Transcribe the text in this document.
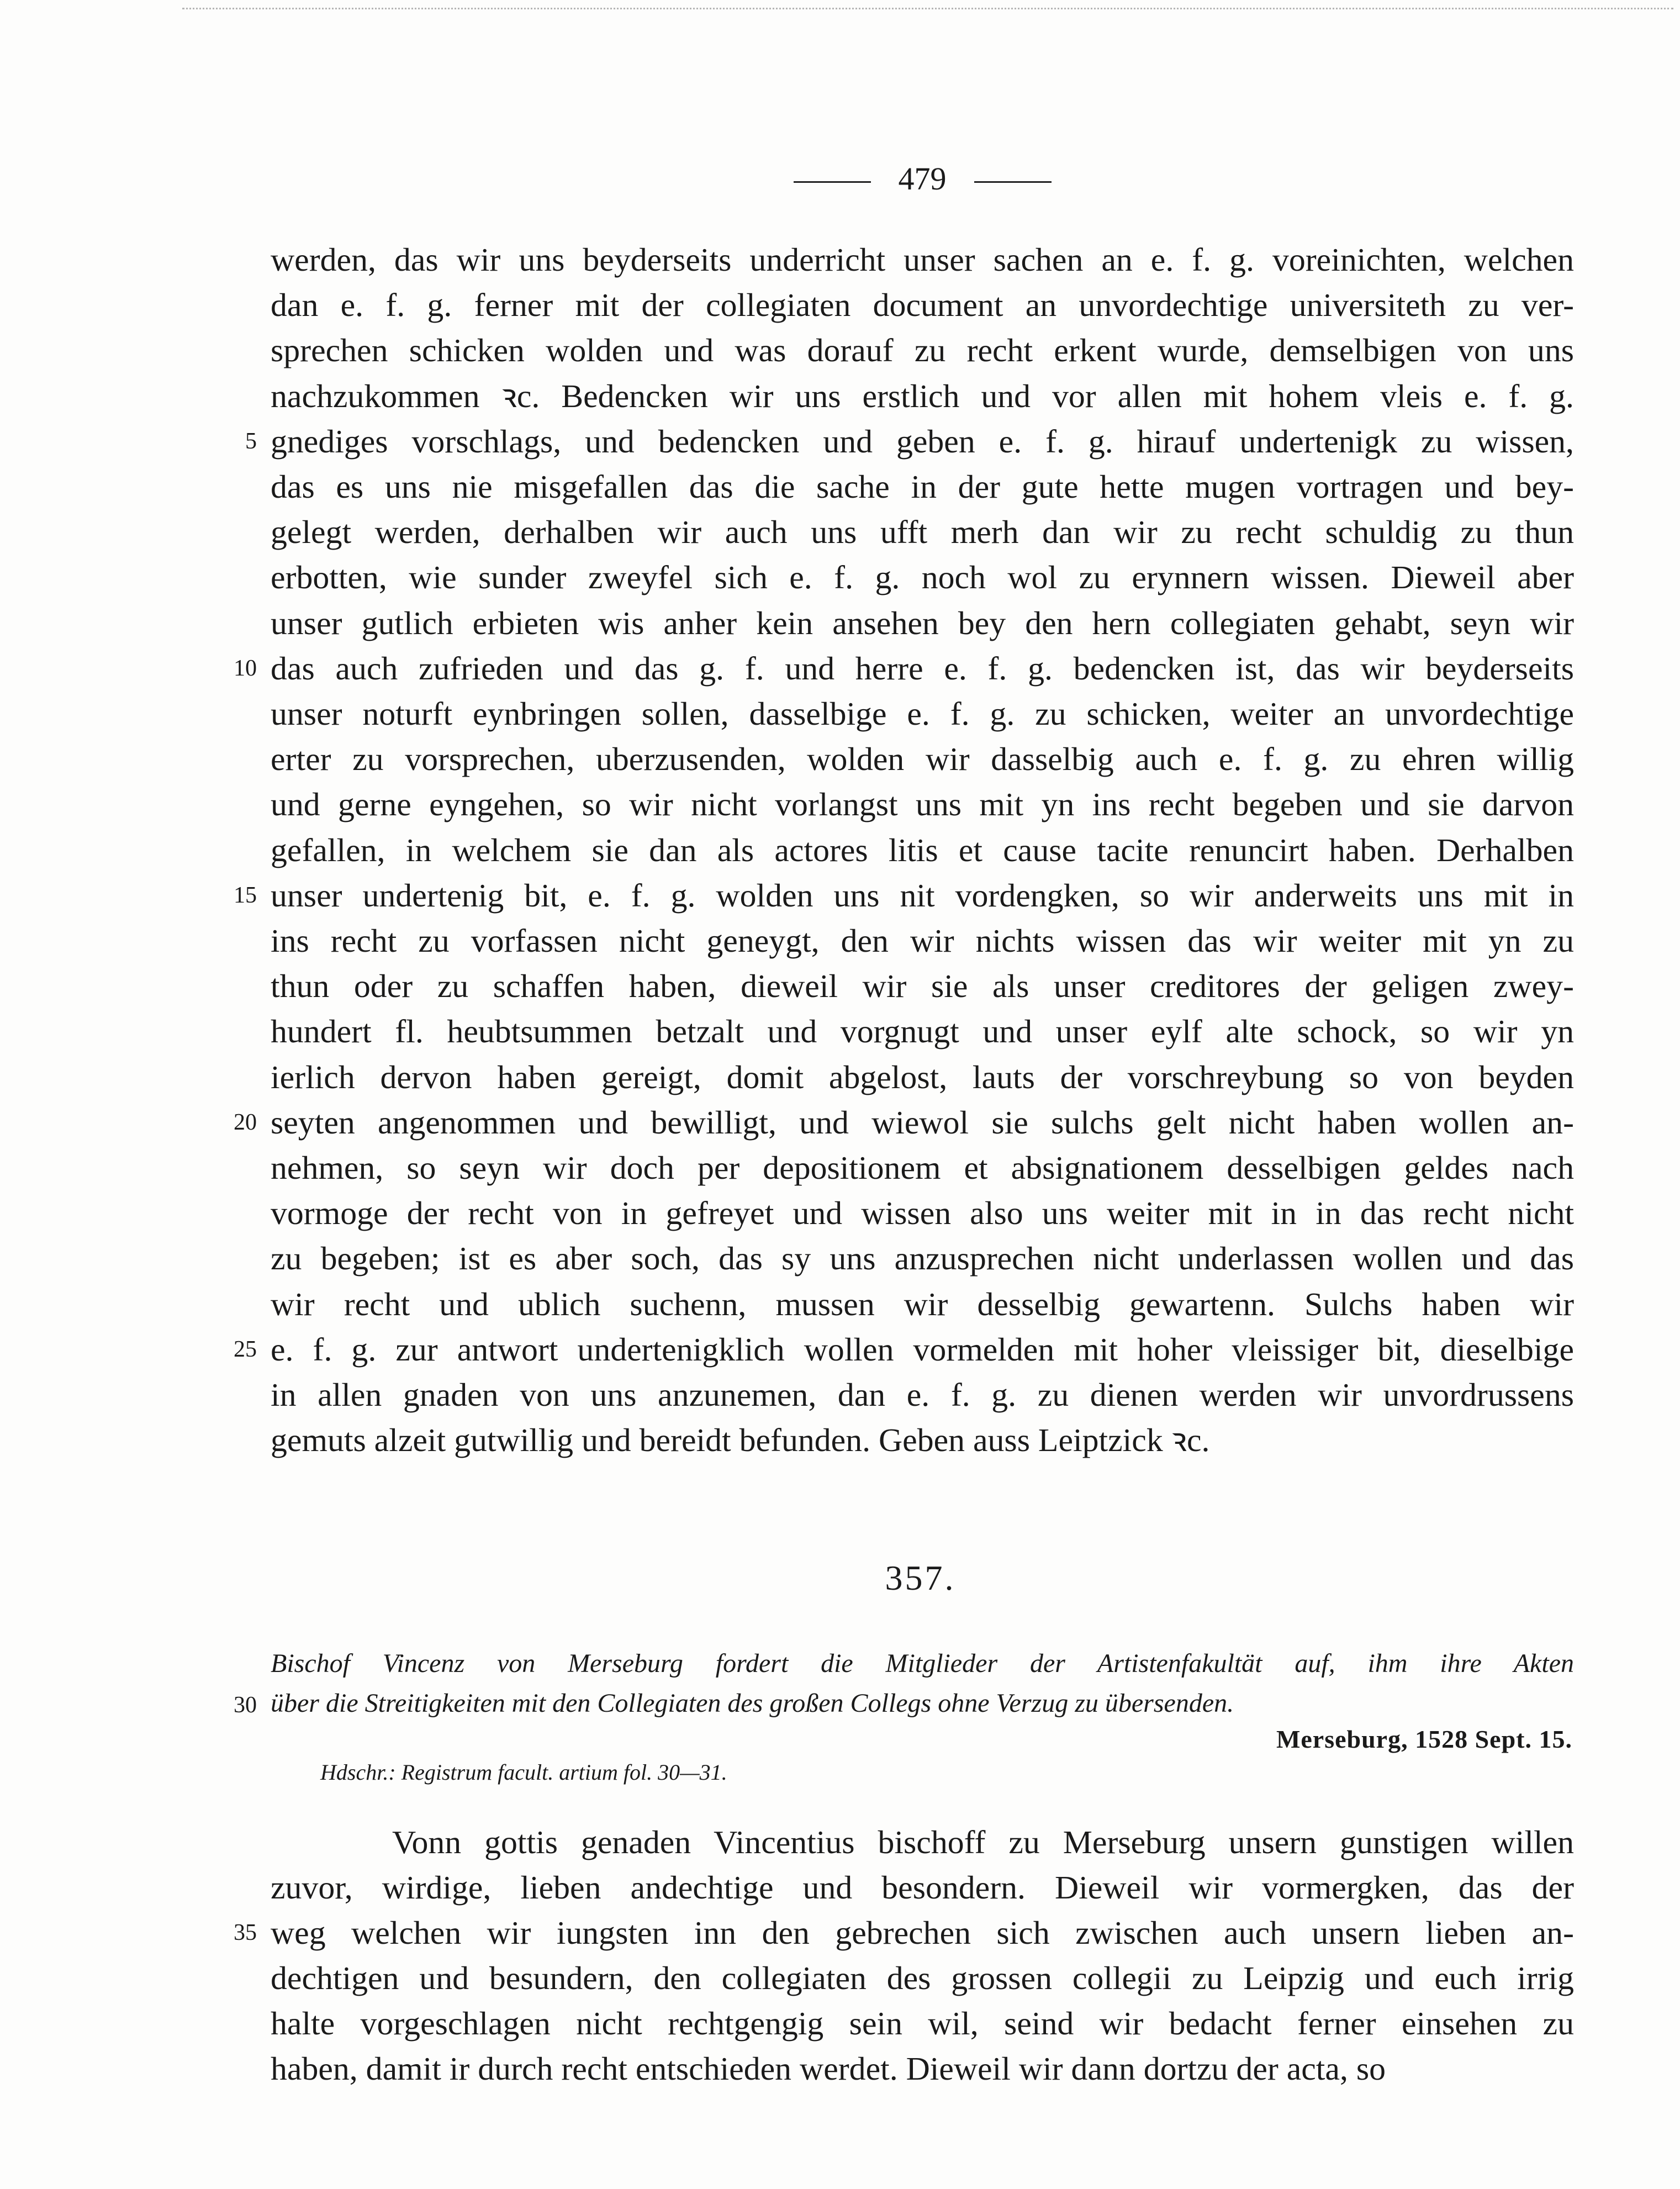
479
werden, das wir uns beyderseits underricht unser sachen an e. f. g. voreinichten, welchen
dan e. f. g. ferner mit der collegiaten document an unvordechtige universiteth zu ver-
sprechen schicken wolden und was dorauf zu recht erkent wurde, demselbigen von uns
nachzukommen ꝛc. Bedencken wir uns erstlich und vor allen mit hohem vleis e. f. g.
gnediges vorschlags, und bedencken und geben e. f. g. hirauf undertenigk zu wissen,
5
das es uns nie misgefallen das die sache in der gute hette mugen vortragen und bey-
gelegt werden, derhalben wir auch uns ufft merh dan wir zu recht schuldig zu thun
erbotten, wie sunder zweyfel sich e. f. g. noch wol zu erynnern wissen. Dieweil aber
unser gutlich erbieten wis anher kein ansehen bey den hern collegiaten gehabt, seyn wir
das auch zufrieden und das g. f. und herre e. f. g. bedencken ist, das wir beyderseits
10
unser noturft eynbringen sollen, dasselbige e. f. g. zu schicken, weiter an unvordechtige
erter zu vorsprechen, uberzusenden, wolden wir dasselbig auch e. f. g. zu ehren willig
und gerne eyngehen, so wir nicht vorlangst uns mit yn ins recht begeben und sie darvon
gefallen, in welchem sie dan als actores litis et cause tacite renuncirt haben. Derhalben
unser undertenig bit, e. f. g. wolden uns nit vordengken, so wir anderweits uns mit in
15
ins recht zu vorfassen nicht geneygt, den wir nichts wissen das wir weiter mit yn zu
thun oder zu schaffen haben, dieweil wir sie als unser creditores der geligen zwey-
hundert fl. heubtsummen betzalt und vorgnugt und unser eylf alte schock, so wir yn
ierlich dervon haben gereigt, domit abgelost, lauts der vorschreybung so von beyden
seyten angenommen und bewilligt, und wiewol sie sulchs gelt nicht haben wollen an-
20
nehmen, so seyn wir doch per depositionem et absignationem desselbigen geldes nach
vormoge der recht von in gefreyet und wissen also uns weiter mit in in das recht nicht
zu begeben; ist es aber soch, das sy uns anzusprechen nicht underlassen wollen und das
wir recht und ublich suchenn, mussen wir desselbig gewartenn. Sulchs haben wir
e. f. g. zur antwort undertenigklich wollen vormelden mit hoher vleissiger bit, dieselbige
25
in allen gnaden von uns anzunemen, dan e. f. g. zu dienen werden wir unvordrussens
gemuts alzeit gutwillig und bereidt befunden. Geben auss Leiptzick ꝛc.
Bischof Vincenz von Merseburg fordert die Mitglieder der Artistenfakultät auf, ihm ihre Akten
über die Streitigkeiten mit den Collegiaten des großen Collegs ohne Verzug zu übersenden.
30
Vonn gottis genaden Vincentius bischoff zu Merseburg unsern gunstigen willen
zuvor, wirdige, lieben andechtige und besondern. Dieweil wir vormergken, das der
weg welchen wir iungsten inn den gebrechen sich zwischen auch unsern lieben an-
35
dechtigen und besundern, den collegiaten des grossen collegii zu Leipzig und euch irrig
halte vorgeschlagen nicht rechtgengig sein wil, seind wir bedacht ferner einsehen zu
haben, damit ir durch recht entschieden werdet. Dieweil wir dann dortzu der acta, so
357.
Merseburg, 1528 Sept. 15.
Hdschr.: Registrum facult. artium fol. 30—31.
